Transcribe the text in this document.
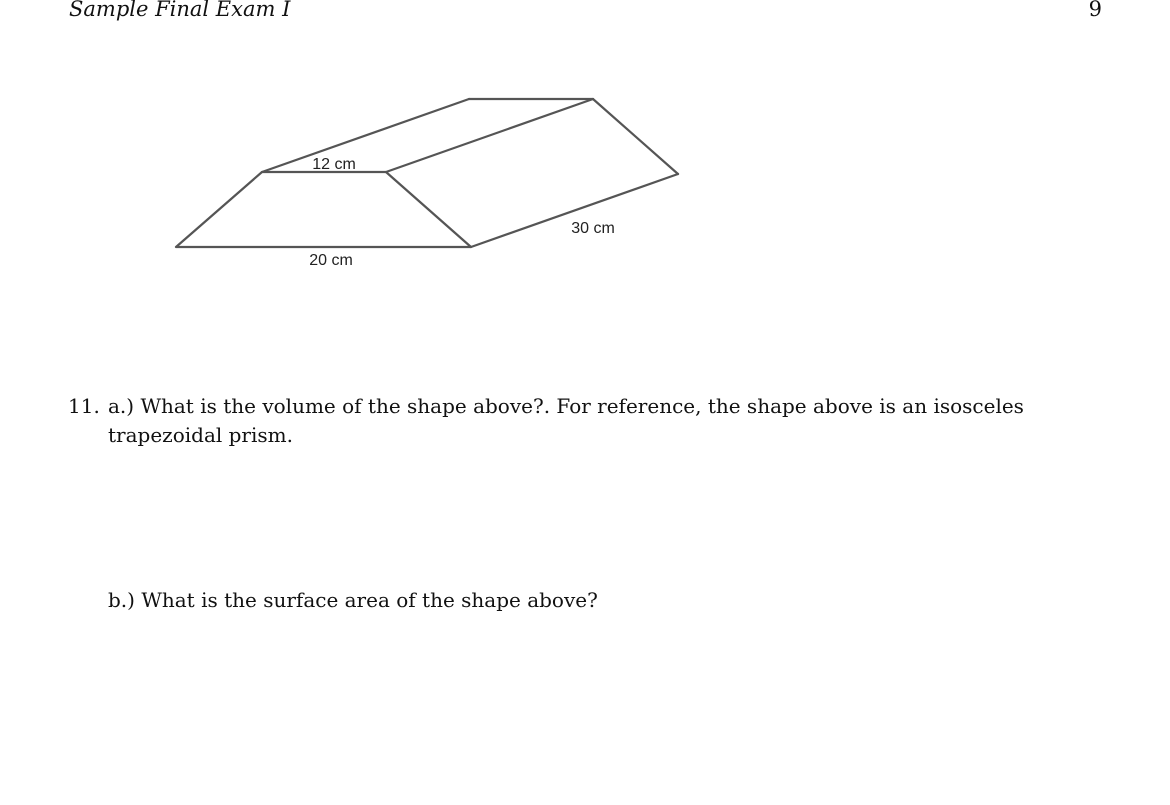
Sample Final Exam I	9
12 cm
20 cm
30 cm
11. a.) What is the volume of the shape above?. For reference, the shape above is an isosceles trapezoidal prism.
b.) What is the surface area of the shape above?
